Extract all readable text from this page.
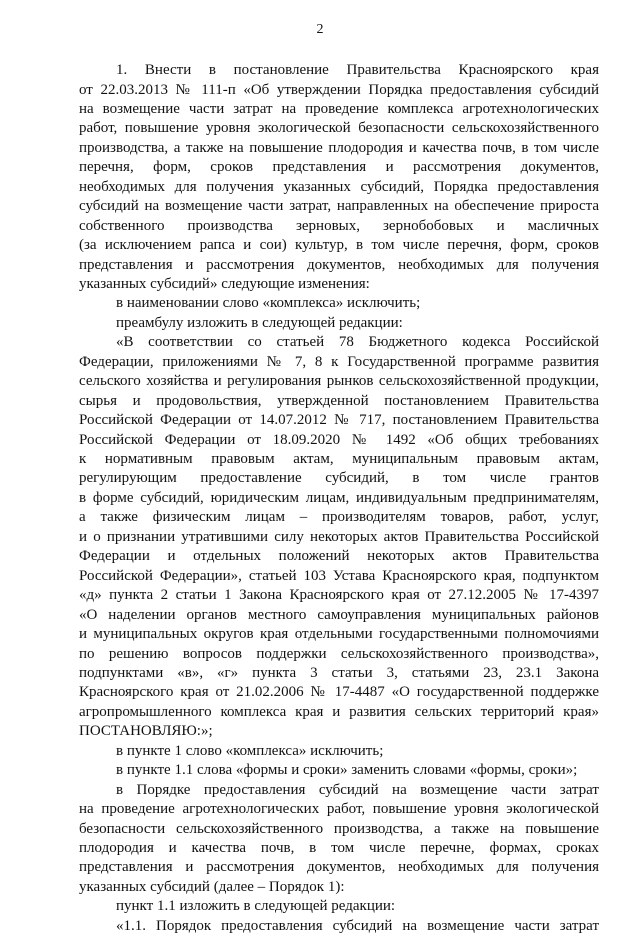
2
1. Внести в постановление Правительства Красноярского края
от 22.03.2013 № 111-п «Об утверждении Порядка предоставления субсидий
на возмещение части затрат на проведение комплекса агротехнологических
работ, повышение уровня экологической безопасности сельскохозяйственного
производства, а также на повышение плодородия и качества почв, в том числе
перечня, форм, сроков представления и рассмотрения документов,
необходимых для получения указанных субсидий, Порядка предоставления
субсидий на возмещение части затрат, направленных на обеспечение прироста
собственного производства зерновых, зернобобовых и масличных
(за исключением рапса и сои) культур, в том числе перечня, форм, сроков
представления и рассмотрения документов, необходимых для получения
указанных субсидий» следующие изменения:
в наименовании слово «комплекса» исключить;
преамбулу изложить в следующей редакции:
«В соответствии со статьей 78 Бюджетного кодекса Российской
Федерации, приложениями № 7, 8 к Государственной программе развития
сельского хозяйства и регулирования рынков сельскохозяйственной продукции,
сырья и продовольствия, утвержденной постановлением Правительства
Российской Федерации от 14.07.2012 № 717, постановлением Правительства
Российской Федерации от 18.09.2020 № 1492 «Об общих требованиях
к нормативным правовым актам, муниципальным правовым актам,
регулирующим предоставление субсидий, в том числе грантов
в форме субсидий, юридическим лицам, индивидуальным предпринимателям,
а также физическим лицам – производителям товаров, работ, услуг,
и о признании утратившими силу некоторых актов Правительства Российской
Федерации и отдельных положений некоторых актов Правительства
Российской Федерации», статьей 103 Устава Красноярского края, подпунктом
«д» пункта 2 статьи 1 Закона Красноярского края от 27.12.2005 № 17-4397
«О наделении органов местного самоуправления муниципальных районов
и муниципальных округов края отдельными государственными полномочиями
по решению вопросов поддержки сельскохозяйственного производства»,
подпунктами «в», «г» пункта 3 статьи 3, статьями 23, 23.1 Закона
Красноярского края от 21.02.2006 № 17-4487 «О государственной поддержке
агропромышленного комплекса края и развития сельских территорий края»
ПОСТАНОВЛЯЮ:»;
в пункте 1 слово «комплекса» исключить;
в пункте 1.1 слова «формы и сроки» заменить словами «формы, сроки»;
в Порядке предоставления субсидий на возмещение части затрат
на проведение агротехнологических работ, повышение уровня экологической
безопасности сельскохозяйственного производства, а также на повышение
плодородия и качества почв, в том числе перечне, формах, сроках
представления и рассмотрения документов, необходимых для получения
указанных субсидий (далее – Порядок 1):
пункт 1.1 изложить в следующей редакции:
«1.1. Порядок предоставления субсидий на возмещение части затрат
